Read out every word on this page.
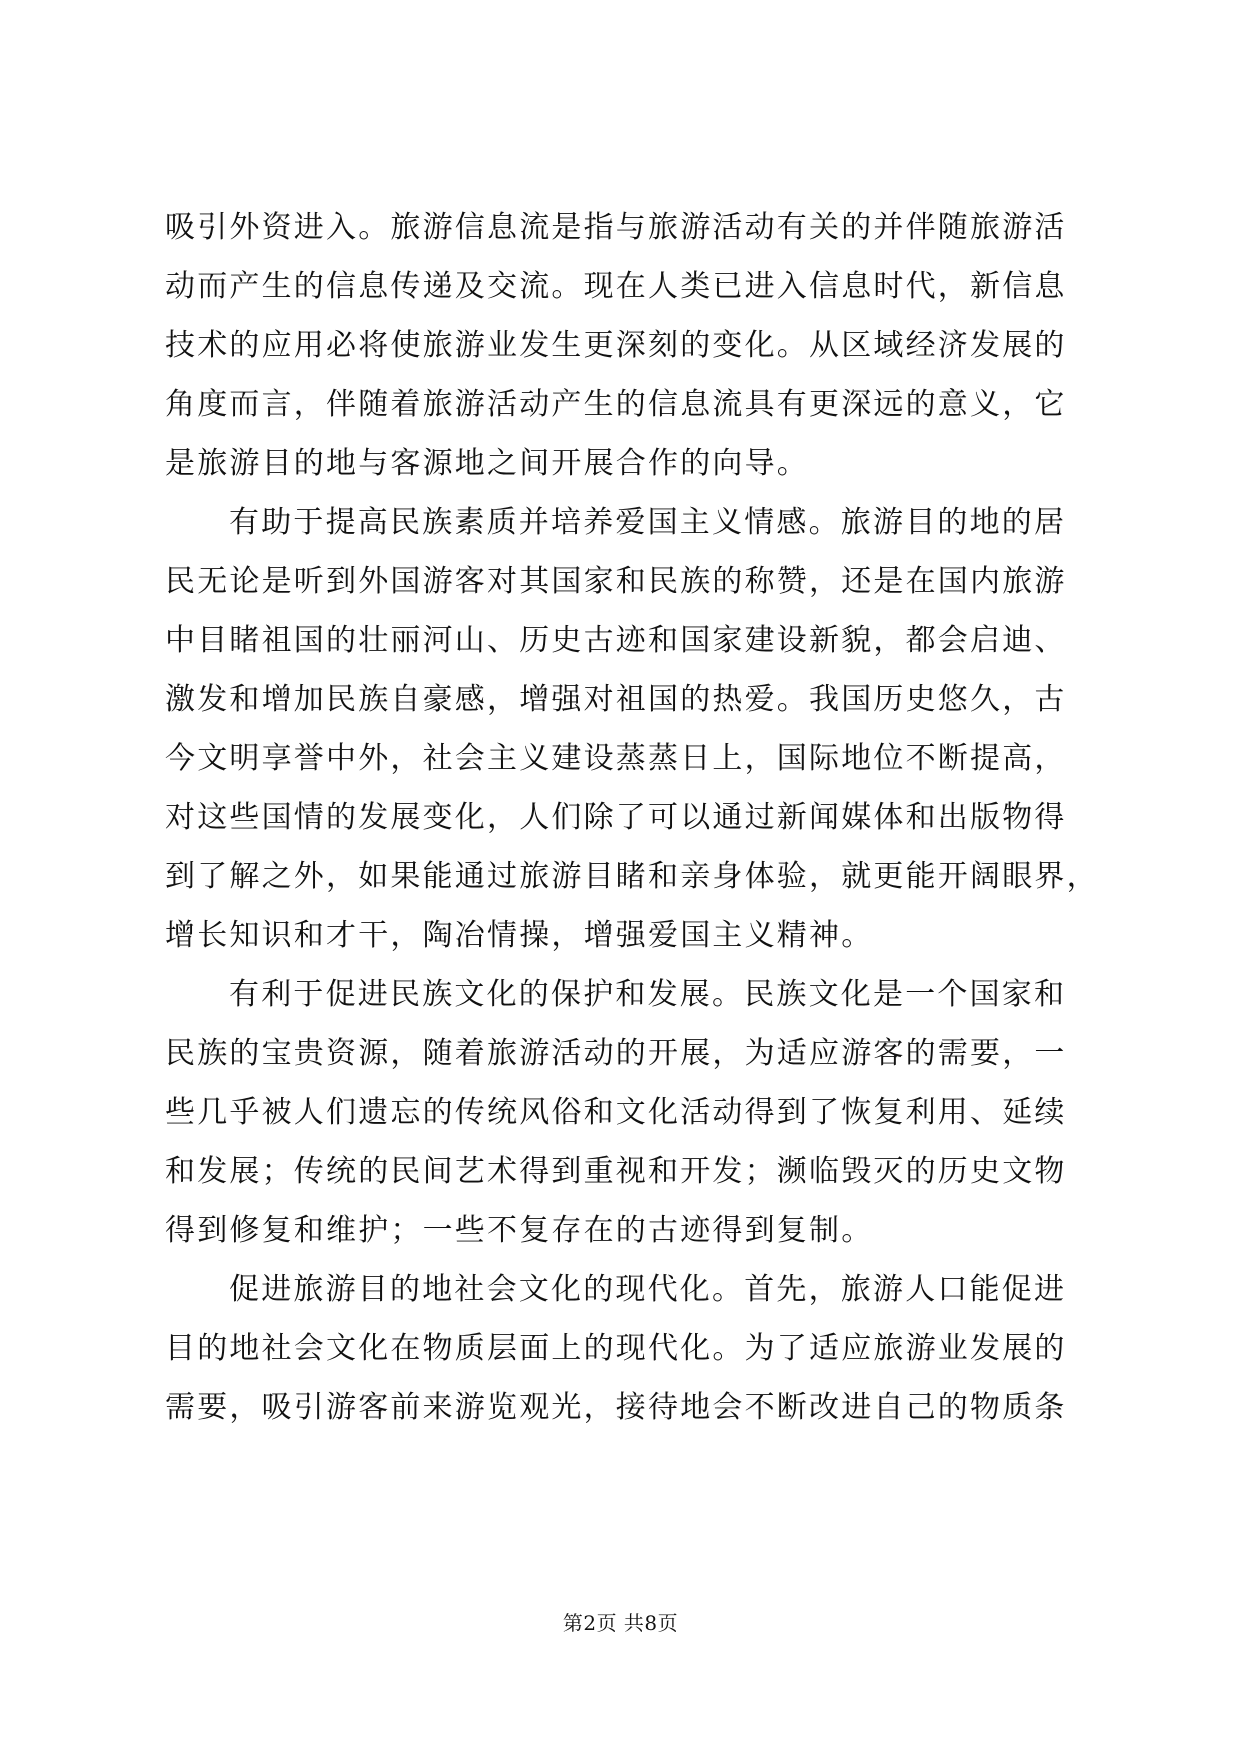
吸引外资进入。旅游信息流是指与旅游活动有关的并伴随旅游活
动而产生的信息传递及交流。现在人类已进入信息时代，新信息
技术的应用必将使旅游业发生更深刻的变化。从区域经济发展的
角度而言，伴随着旅游活动产生的信息流具有更深远的意义，它
是旅游目的地与客源地之间开展合作的向导。
有助于提高民族素质并培养爱国主义情感。旅游目的地的居
民无论是听到外国游客对其国家和民族的称赞，还是在国内旅游
中目睹祖国的壮丽河山、历史古迹和国家建设新貌，都会启迪、
激发和增加民族自豪感，增强对祖国的热爱。我国历史悠久，古
今文明享誉中外，社会主义建设蒸蒸日上，国际地位不断提高，
对这些国情的发展变化，人们除了可以通过新闻媒体和出版物得
到了解之外，如果能通过旅游目睹和亲身体验，就更能开阔眼界，
增长知识和才干，陶冶情操，增强爱国主义精神。
有利于促进民族文化的保护和发展。民族文化是一个国家和
民族的宝贵资源，随着旅游活动的开展，为适应游客的需要，一
些几乎被人们遗忘的传统风俗和文化活动得到了恢复利用、延续
和发展；传统的民间艺术得到重视和开发；濒临毁灭的历史文物
得到修复和维护；一些不复存在的古迹得到复制。
促进旅游目的地社会文化的现代化。首先，旅游人口能促进
目的地社会文化在物质层面上的现代化。为了适应旅游业发展的
需要，吸引游客前来游览观光，接待地会不断改进自己的物质条
第2页 共8页
